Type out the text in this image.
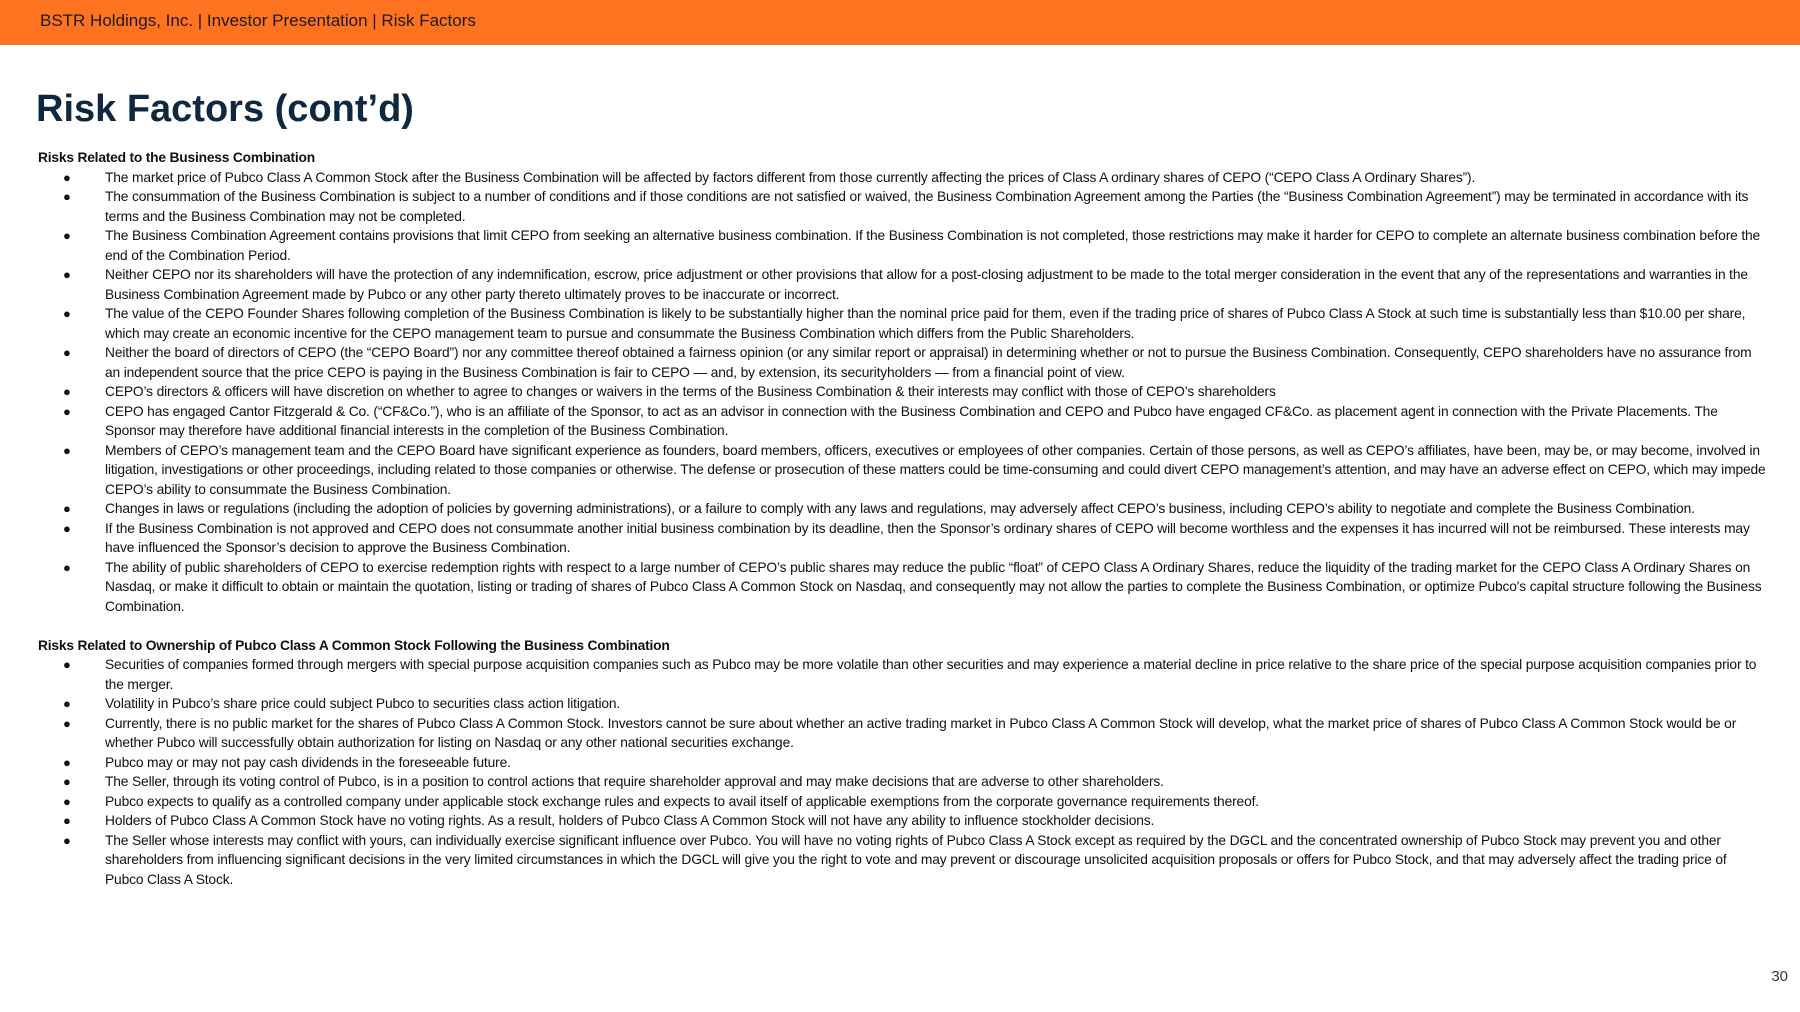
BSTR Holdings, Inc. | Investor Presentation | Risk Factors
Risk Factors (cont’d)

Risks Related to the Business Combination

● The market price of Pubco Class A Common Stock after the Business Combination will be affected by factors different from those currently affecting the prices of Class A ordinary shares of CEPO (“CEPO Class A Ordinary Shares”).
● The consummation of the Business Combination is subject to a number of conditions and if those conditions are not satisfied or waived, the Business Combination Agreement among the Parties (the “Business Combination Agreement”) may be terminated in accordance with its terms and the Business Combination may not be completed.
● The Business Combination Agreement contains provisions that limit CEPO from seeking an alternative business combination. If the Business Combination is not completed, those restrictions may make it harder for CEPO to complete an alternate business combination before the end of the Combination Period.
● Neither CEPO nor its shareholders will have the protection of any indemnification, escrow, price adjustment or other provisions that allow for a post-closing adjustment to be made to the total merger consideration in the event that any of the representations and warranties in the Business Combination Agreement made by Pubco or any other party thereto ultimately proves to be inaccurate or incorrect.
● The value of the CEPO Founder Shares following completion of the Business Combination is likely to be substantially higher than the nominal price paid for them, even if the trading price of shares of Pubco Class A Stock at such time is substantially less than $10.00 per share, which may create an economic incentive for the CEPO management team to pursue and consummate the Business Combination which differs from the Public Shareholders.
● Neither the board of directors of CEPO (the “CEPO Board”) nor any committee thereof obtained a fairness opinion (or any similar report or appraisal) in determining whether or not to pursue the Business Combination. Consequently, CEPO shareholders have no assurance from an independent source that the price CEPO is paying in the Business Combination is fair to CEPO — and, by extension, its securityholders — from a financial point of view.
● CEPO’s directors & officers will have discretion on whether to agree to changes or waivers in the terms of the Business Combination & their interests may conflict with those of CEPO’s shareholders
● CEPO has engaged Cantor Fitzgerald & Co. (“CF&Co.”), who is an affiliate of the Sponsor, to act as an advisor in connection with the Business Combination and CEPO and Pubco have engaged CF&Co. as placement agent in connection with the Private Placements. The Sponsor may therefore have additional financial interests in the completion of the Business Combination.
● Members of CEPO’s management team and the CEPO Board have significant experience as founders, board members, officers, executives or employees of other companies. Certain of those persons, as well as CEPO’s affiliates, have been, may be, or may become, involved in litigation, investigations or other proceedings, including related to those companies or otherwise. The defense or prosecution of these matters could be time-consuming and could divert CEPO management’s attention, and may have an adverse effect on CEPO, which may impede CEPO’s ability to consummate the Business Combination.
● Changes in laws or regulations (including the adoption of policies by governing administrations), or a failure to comply with any laws and regulations, may adversely affect CEPO’s business, including CEPO’s ability to negotiate and complete the Business Combination.
● If the Business Combination is not approved and CEPO does not consummate another initial business combination by its deadline, then the Sponsor’s ordinary shares of CEPO will become worthless and the expenses it has incurred will not be reimbursed. These interests may have influenced the Sponsor’s decision to approve the Business Combination.
● The ability of public shareholders of CEPO to exercise redemption rights with respect to a large number of CEPO’s public shares may reduce the public “float” of CEPO Class A Ordinary Shares, reduce the liquidity of the trading market for the CEPO Class A Ordinary Shares on Nasdaq, or make it difficult to obtain or maintain the quotation, listing or trading of shares of Pubco Class A Common Stock on Nasdaq, and consequently may not allow the parties to complete the Business Combination, or optimize Pubco's capital structure following the Business Combination.

Risks Related to Ownership of Pubco Class A Common Stock Following the Business Combination

● Securities of companies formed through mergers with special purpose acquisition companies such as Pubco may be more volatile than other securities and may experience a material decline in price relative to the share price of the special purpose acquisition companies prior to the merger.
● Volatility in Pubco’s share price could subject Pubco to securities class action litigation.
● Currently, there is no public market for the shares of Pubco Class A Common Stock. Investors cannot be sure about whether an active trading market in Pubco Class A Common Stock will develop, what the market price of shares of Pubco Class A Common Stock would be or whether Pubco will successfully obtain authorization for listing on Nasdaq or any other national securities exchange.
● Pubco may or may not pay cash dividends in the foreseeable future.
● The Seller, through its voting control of Pubco, is in a position to control actions that require shareholder approval and may make decisions that are adverse to other shareholders.
● Pubco expects to qualify as a controlled company under applicable stock exchange rules and expects to avail itself of applicable exemptions from the corporate governance requirements thereof.
● Holders of Pubco Class A Common Stock have no voting rights. As a result, holders of Pubco Class A Common Stock will not have any ability to influence stockholder decisions.
● The Seller whose interests may conflict with yours, can individually exercise significant influence over Pubco. You will have no voting rights of Pubco Class A Stock except as required by the DGCL and the concentrated ownership of Pubco Stock may prevent you and other shareholders from influencing significant decisions in the very limited circumstances in which the DGCL will give you the right to vote and may prevent or discourage unsolicited acquisition proposals or offers for Pubco Stock, and that may adversely affect the trading price of Pubco Class A Stock.
30
